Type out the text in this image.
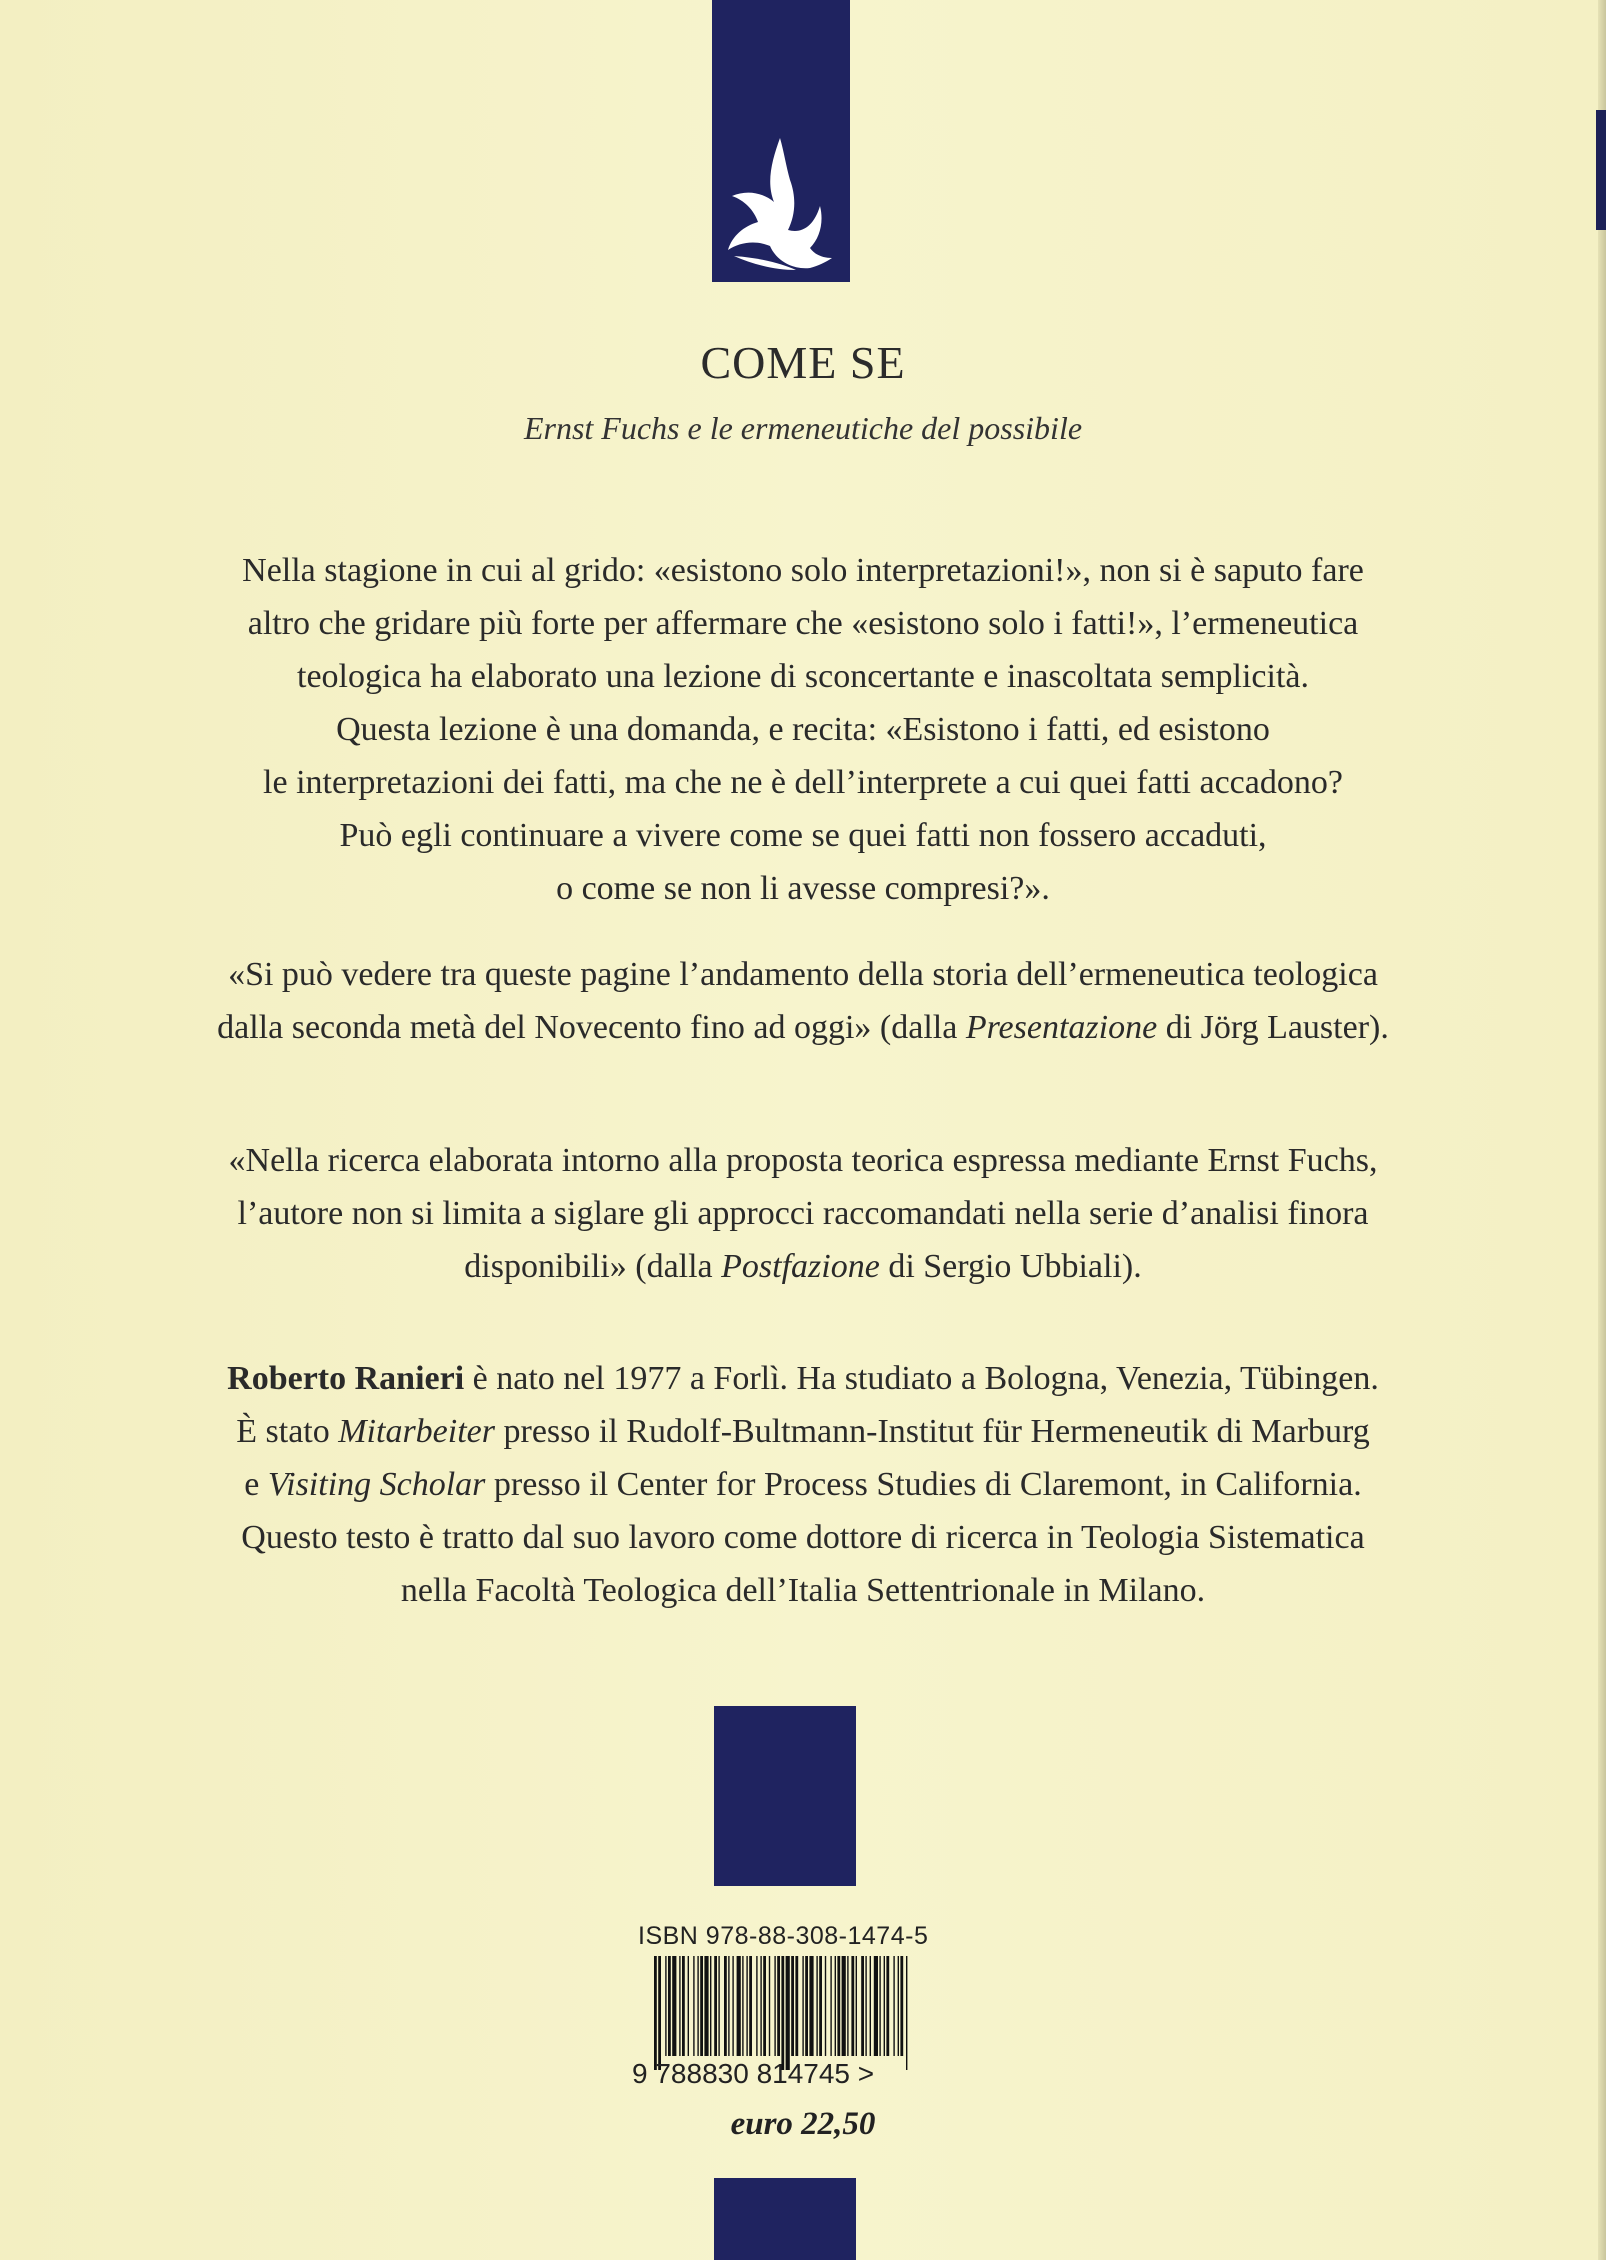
COME SE
Ernst Fuchs e le ermeneutiche del possibile
Nella stagione in cui al grido: «esistono solo interpretazioni!», non si è saputo fare
altro che gridare più forte per affermare che «esistono solo i fatti!», l’ermeneutica
teologica ha elaborato una lezione di sconcertante e inascoltata semplicità.
Questa lezione è una domanda, e recita: «Esistono i fatti, ed esistono
le interpretazioni dei fatti, ma che ne è dell’interprete a cui quei fatti accadono?
Può egli continuare a vivere come se quei fatti non fossero accaduti,
o come se non li avesse compresi?».
«Si può vedere tra queste pagine l’andamento della storia dell’ermeneutica teologica
dalla seconda metà del Novecento fino ad oggi» (dalla Presentazione di Jörg Lauster).
«Nella ricerca elaborata intorno alla proposta teorica espressa mediante Ernst Fuchs,
l’autore non si limita a siglare gli approcci raccomandati nella serie d’analisi finora
disponibili» (dalla Postfazione di Sergio Ubbiali).
Roberto Ranieri è nato nel 1977 a Forlì. Ha studiato a Bologna, Venezia, Tübingen.
È stato Mitarbeiter presso il Rudolf-Bultmann-Institut für Hermeneutik di Marburg
e Visiting Scholar presso il Center for Process Studies di Claremont, in California.
Questo testo è tratto dal suo lavoro come dottore di ricerca in Teologia Sistematica
nella Facoltà Teologica dell’Italia Settentrionale in Milano.
ISBN 978-88-308-1474-5
9 788830 814745 >
euro 22,50
